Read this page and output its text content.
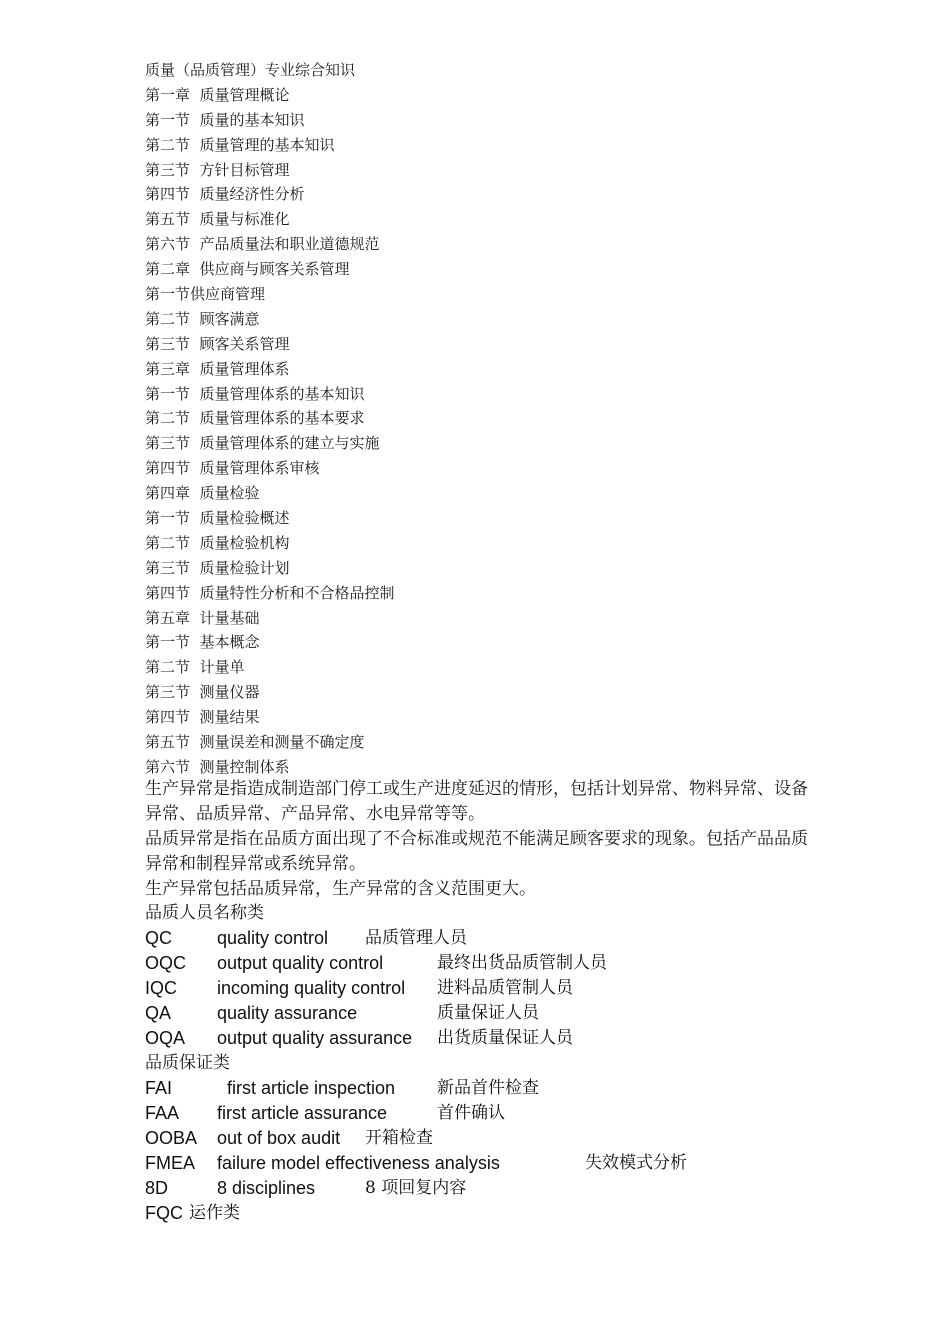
质量（品质管理）专业综合知识
第一章  质量管理概论
第一节  质量的基本知识
第二节  质量管理的基本知识
第三节  方针目标管理
第四节  质量经济性分析
第五节  质量与标准化
第六节  产品质量法和职业道德规范
第二章  供应商与顾客关系管理
第一节供应商管理
第二节  顾客满意
第三节  顾客关系管理
第三章  质量管理体系
第一节  质量管理体系的基本知识
第二节  质量管理体系的基本要求
第三节  质量管理体系的建立与实施
第四节  质量管理体系审核
第四章  质量检验
第一节  质量检验概述
第二节  质量检验机构
第三节  质量检验计划
第四节  质量特性分析和不合格品控制
第五章  计量基础
第一节  基本概念
第二节  计量单
第三节  测量仪器
第四节  测量结果
第五节  测量误差和测量不确定度
第六节  测量控制体系

生产异常是指造成制造部门停工或生产进度延迟的情形，包括计划异常、物料异常、设备异常、品质异常、产品异常、水电异常等等。

品质异常是指在品质方面出现了不合标准或规范不能满足顾客要求的现象。包括产品品质异常和制程异常或系统异常。

生产异常包括品质异常，生产异常的含义范围更大。

品质人员名称类
QC	quality control 品质管理人员
OQC output quality control	最终出货品质管制人员
IQC incoming quality control 进料品质管制人员
QA	quality assurance	质量保证人员
OQA output quality assurance 出货质量保证人员
品质保证类
FAI	first article inspection 新品首件检查
FAA first article assurance	首件确认
OOBA out of box audit 开箱检查
FMEA failure model effectiveness analysis	失效模式分析
8D	8 disciplines	8 项回复内容
FQC 运作类
